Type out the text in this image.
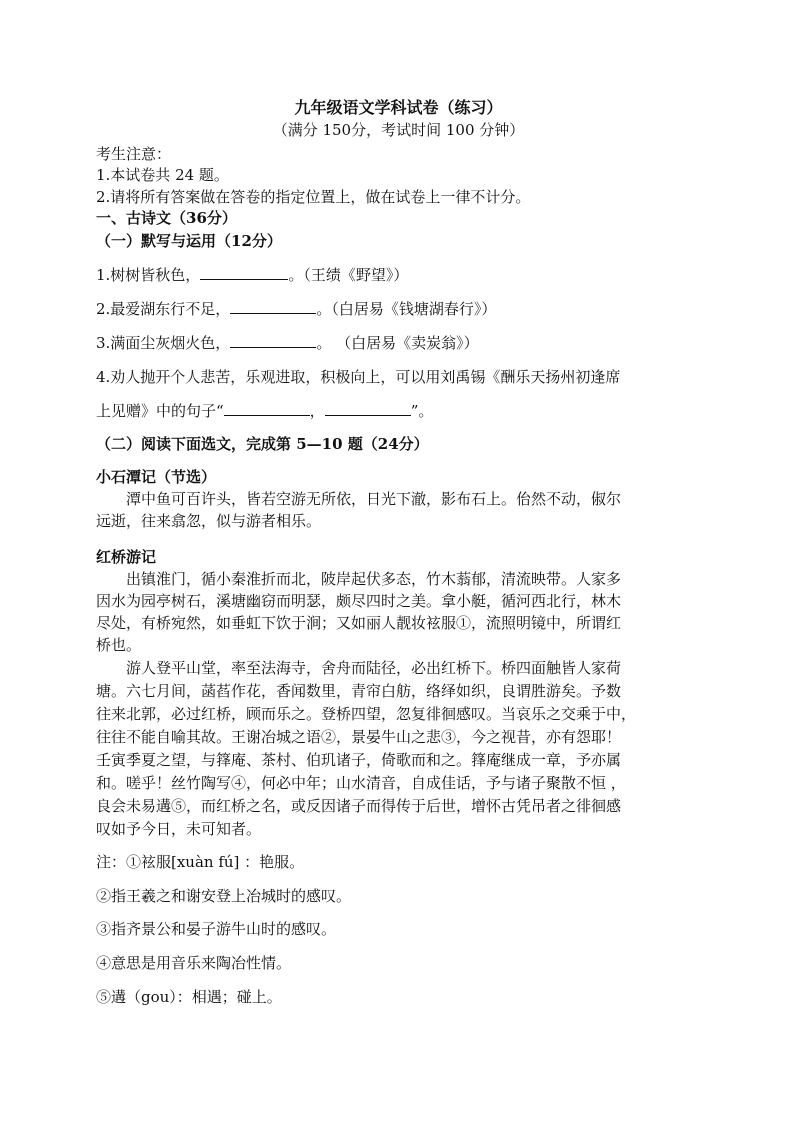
九年级语文学科试卷（练习）
（满分 150分，考试时间 100 分钟）
考生注意：
1.本试卷共 24 题。
2.请将所有答案做在答卷的指定位置上，做在试卷上一律不计分。
一、古诗文（36分）
（一）默写与运用（12分）
1.树树皆秋色，	。（王绩《野望》）
2.最爱湖东行不足，	。（白居易《钱塘湖春行》）
3.满面尘灰烟火色，	。 （白居易《卖炭翁》）
4.劝人抛开个人悲苦，乐观进取，积极向上，可以用刘禹锡《酬乐天扬州初逢席
上见赠》中的句子“	，	”。
（二）阅读下面选文，完成第 5—10 题（24分）
小石潭记（节选）
潭中鱼可百许头，皆若空游无所依，日光下澈，影布石上。佁然不动，俶尔
远逝，往来翕忽，似与游者相乐。
红桥游记
出镇淮门，循小秦淮折而北，陂岸起伏多态，竹木蓊郁，清流映带。人家多
因水为园亭树石，溪塘幽窃而明瑟，颇尽四时之美。拿小艇，循河西北行，林木
尽处，有桥宛然，如垂虹下饮于涧；又如丽人靓妆袨服①，流照明镜中，所谓红
桥也。
游人登平山堂，率至法海寺，舍舟而陆径，必出红桥下。桥四面触皆人家荷
塘。六七月间，菡萏作花，香闻数里，青帘白舫，络绎如织，良谓胜游矣。予数
往来北郭，必过红桥，顾而乐之。登桥四望，忽复徘徊感叹。当哀乐之交乘于中，
往往不能自喻其故。王谢冶城之语②，景晏牛山之悲③，今之视昔，亦有怨耶！
壬寅季夏之望，与箨庵、茶村、伯玑诸子，倚歌而和之。箨庵继成一章，予亦属
和。嗟乎！丝竹陶写④，何必中年；山水清音，自成佳话，予与诸子聚散不恒 ，
良会未易遘⑤，而红桥之名，或反因诸子而得传于后世，增怀古凭吊者之徘徊感
叹如予今日，未可知者。
注：①袨服[xuàn fú] ：艳服。
②指王羲之和谢安登上冶城时的感叹。
③指齐景公和晏子游牛山时的感叹。
④意思是用音乐来陶冶性情。
⑤遘（gou）：相遇；碰上。
